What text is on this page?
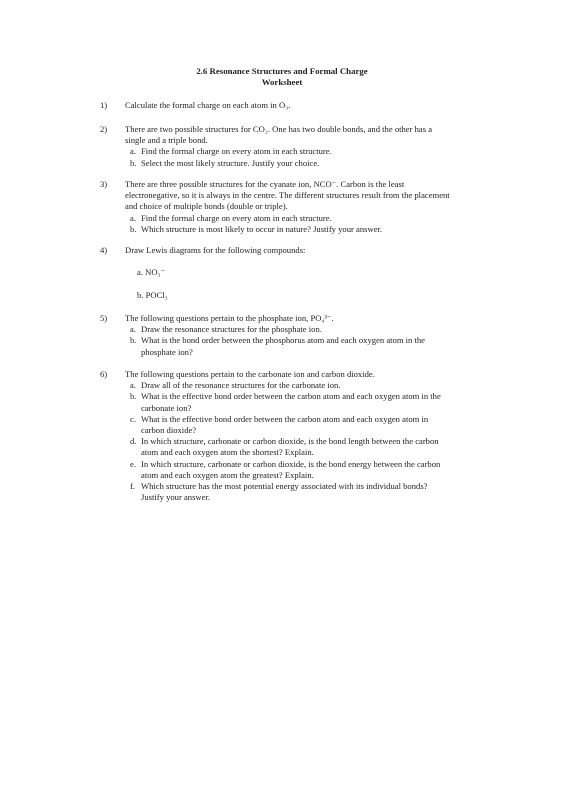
2.6 Resonance Structures and Formal Charge
Worksheet
1)	Calculate the formal charge on each atom in O₃.
2)	There are two possible structures for CO₂. One has two double bonds, and the other has a single and a triple bond.
a. Find the formal charge on every atom in each structure.
b. Select the most likely structure. Justify your choice.
3)	There are three possible structures for the cyanate ion, NCO⁻. Carbon is the least electronegative, so it is always in the centre. The different structures result from the placement and choice of multiple bonds (double or triple).
a. Find the formal charge on every atom in each structure.
b. Which structure is most likely to occur in nature? Justify your answer.
4)	Draw Lewis diagrams for the following compounds:
a. NO₃⁻
b. POCl₃
5)	The following questions pertain to the phosphate ion, PO₄³⁻.
a. Draw the resonance structures for the phosphate ion.
b. What is the bond order between the phosphorus atom and each oxygen atom in the phosphate ion?
6)	The following questions pertain to the carbonate ion and carbon dioxide.
a. Draw all of the resonance structures for the carbonate ion.
b. What is the effective bond order between the carbon atom and each oxygen atom in the carbonate ion?
c. What is the effective bond order between the carbon atom and each oxygen atom in carbon dioxide?
d. In which structure, carbonate or carbon dioxide, is the bond length between the carbon atom and each oxygen atom the shortest? Explain.
e. In which structure, carbonate or carbon dioxide, is the bond energy between the carbon atom and each oxygen atom the greatest? Explain.
f. Which structure has the most potential energy associated with its individual bonds? Justify your answer.
